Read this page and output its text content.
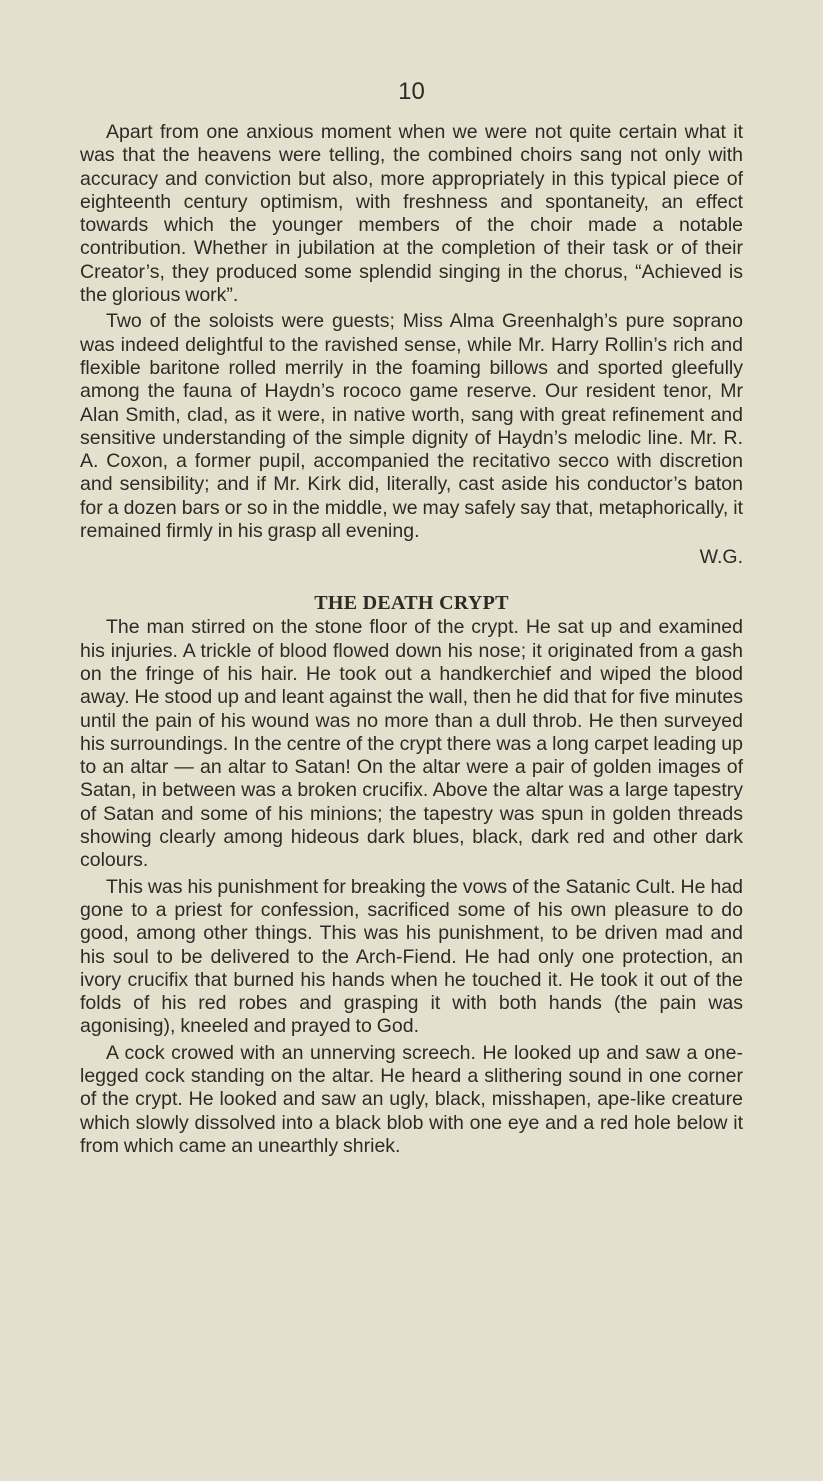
10

Apart from one anxious moment when we were not quite certain what it was that the heavens were telling, the combined choirs sang not only with accuracy and conviction but also, more appropriately in this typical piece of eighteenth century optimism, with freshness and spontaneity, an effect towards which the younger members of the choir made a notable contribution. Whether in jubilation at the completion of their task or of their Creator’s, they produced some splendid singing in the chorus, “Achieved is the glorious work”.

Two of the soloists were guests; Miss Alma Greenhalgh’s pure soprano was indeed delightful to the ravished sense, while Mr. Harry Rollin’s rich and flexible baritone rolled merrily in the foaming billows and sported gleefully among the fauna of Haydn’s rococo game reserve. Our resident tenor, Mr Alan Smith, clad, as it were, in native worth, sang with great refinement and sensitive understanding of the simple dignity of Haydn’s melodic line. Mr. R. A. Coxon, a former pupil, accompanied the recitativo secco with discretion and sensibility; and if Mr. Kirk did, literally, cast aside his conductor’s baton for a dozen bars or so in the middle, we may safely say that, metaphorically, it remained firmly in his grasp all evening.

W.G.

THE DEATH CRYPT

The man stirred on the stone floor of the crypt. He sat up and examined his injuries. A trickle of blood flowed down his nose; it originated from a gash on the fringe of his hair. He took out a handkerchief and wiped the blood away. He stood up and leant against the wall, then he did that for five minutes until the pain of his wound was no more than a dull throb. He then surveyed his surroundings. In the centre of the crypt there was a long carpet leading up to an altar — an altar to Satan! On the altar were a pair of golden images of Satan, in between was a broken crucifix. Above the altar was a large tapestry of Satan and some of his minions; the tapestry was spun in golden threads showing clearly among hideous dark blues, black, dark red and other dark colours.

This was his punishment for breaking the vows of the Satanic Cult. He had gone to a priest for confession, sacrificed some of his own pleasure to do good, among other things. This was his punishment, to be driven mad and his soul to be delivered to the Arch-Fiend. He had only one protection, an ivory crucifix that burned his hands when he touched it. He took it out of the folds of his red robes and grasping it with both hands (the pain was agonising), kneeled and prayed to God.

A cock crowed with an unnerving screech. He looked up and saw a one-legged cock standing on the altar. He heard a slithering sound in one corner of the crypt. He looked and saw an ugly, black, misshapen, ape-like creature which slowly dissolved into a black blob with one eye and a red hole below it from which came an unearthly shriek.
